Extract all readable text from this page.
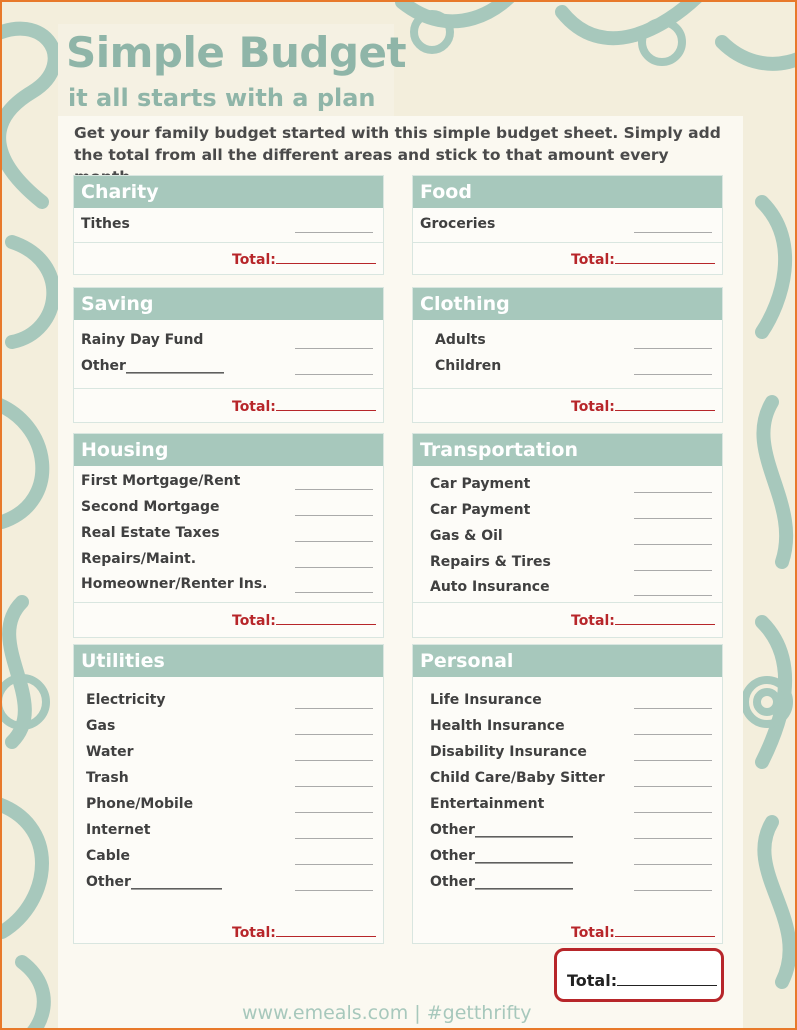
Simple Budget
it all starts with a plan
Get your family budget started with this simple budget sheet. Simply add the total from all the different areas and stick to that amount every
Charity
Tithes
Total:
Food
Groceries
Total:
Saving
Rainy Day Fund
Other______________
Total:
Clothing
Adults
Children
Total:
Housing
First Mortgage/Rent
Second Mortgage
Real Estate Taxes
Repairs/Maint.
Homeowner/Renter Ins.
Total:
Transportation
Car Payment
Car Payment
Gas & Oil
Repairs & Tires
Auto Insurance
Total:
Utilities
Electricity
Gas
Water
Trash
Phone/Mobile
Internet
Cable
Other_____________
Total:
Personal
Life Insurance
Health Insurance
Disability Insurance
Child Care/Baby Sitter
Entertainment
Other______________
Other______________
Other______________
Total:
Total:
www.emeals.com | #getthrifty
